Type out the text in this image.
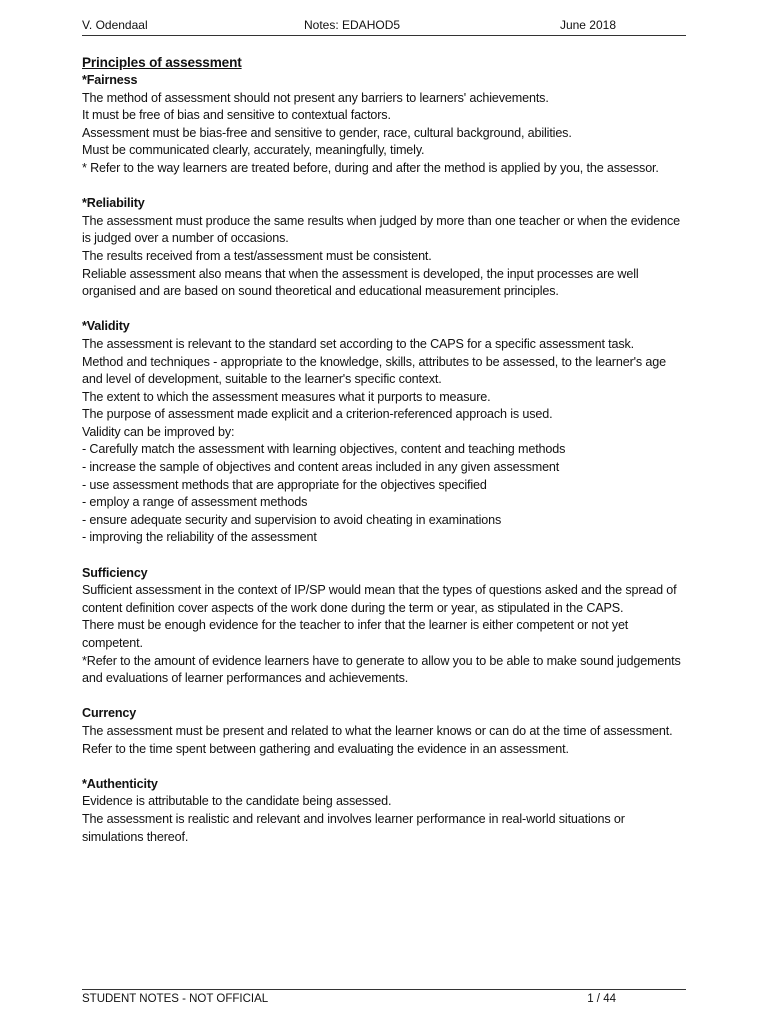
V. Odendaal	Notes: EDAHOD5	June 2018

Principles of assessment

*Fairness

The method of assessment should not present any barriers to learners' achievements.

It must be free of bias and sensitive to contextual factors.

Assessment must be bias-free and sensitive to gender, race, cultural background, abilities.

Must be communicated clearly, accurately, meaningfully, timely.

* Refer to the way learners are treated before, during and after the method is applied by you, the assessor.

*Reliability

The assessment must produce the same results when judged by more than one teacher or when the evidence is judged over a number of occasions.

The results received from a test/assessment must be consistent.

Reliable assessment also means that when the assessment is developed, the input processes are well organised and are based on sound theoretical and educational measurement principles.

*Validity

The assessment is relevant to the standard set according to the CAPS for a specific assessment task.

Method and techniques - appropriate to the knowledge, skills, attributes to be assessed, to the learner's age and level of development, suitable to the learner's specific context.

The extent to which the assessment measures what it purports to measure.

The purpose of assessment made explicit and a criterion-referenced approach is used.

Validity can be improved by:

- Carefully match the assessment with learning objectives, content and teaching methods

- increase the sample of objectives and content areas included in any given assessment

- use assessment methods that are appropriate for the objectives specified

- employ a range of assessment methods

- ensure adequate security and supervision to avoid cheating in examinations

- improving the reliability of the assessment

Sufficiency

Sufficient assessment in the context of IP/SP would mean that the types of questions asked and the spread of content definition cover aspects of the work done during the term or year, as stipulated in the CAPS.

There must be enough evidence for the teacher to infer that the learner is either competent or not yet competent.

*Refer to the amount of evidence learners have to generate to allow you to be able to make sound judgements and evaluations of learner performances and achievements.

Currency

The assessment must be present and related to what the learner knows or can do at the time of assessment.

Refer to the time spent between gathering and evaluating the evidence in an assessment.

*Authenticity

Evidence is attributable to the candidate being assessed.

The assessment is realistic and relevant and involves learner performance in real-world situations or simulations thereof.

STUDENT NOTES - NOT OFFICIAL	1 / 44
